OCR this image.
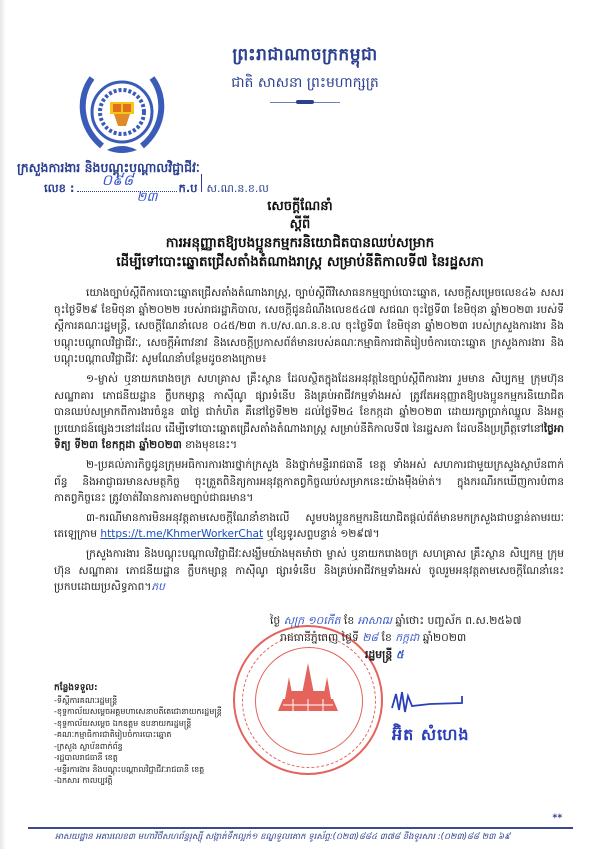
ព្រះរាជាណាចក្រកម្ពុជា
ជាតិ សាសនា ព្រះមហាក្សត្រ
ក្រសួងការងារ និងបណ្តុះបណ្តាលវិជ្ជាជីវៈ
លេខ : ០៩៨
២៣
ក.ប ស.ណ.ន.ខ.ល
សេចក្តីណែនាំ
ស្តីពី
ការអនុញ្ញាតឱ្យបងប្អូនកម្មករនិយោជិតបានឈប់សម្រាក
ដើម្បីទៅបោះឆ្នោតជ្រើសតាំងតំណាងរាស្ត្រ សម្រាប់នីតិកាលទី៧ នៃរដ្ឋសភា

យោងច្បាប់ស្តីពីការបោះឆ្នោតជ្រើសតាំងតំណាងរាស្ត្រ, ច្បាប់ស្តីពីវិសោធនកម្មច្បាប់បោះឆ្នោត, សេចក្តីសម្រេចលេខ៤៦ សសរ ចុះថ្ងៃទី២៩ ខែមិថុនា ឆ្នាំ២០២២ របស់រាជរដ្ឋាភិបាល, សេចក្តីជូនដំណឹងលេខ៥៤៧ សជណ ចុះថ្ងៃទី៣ ខែមិថុនា ឆ្នាំ២០២៣ របស់ទីស្តីការគណៈរដ្ឋមន្ត្រី, សេចក្តីណែនាំលេខ ០៤៥/២៣ ក.ប/ស.ណ.ន.ខ.ល ចុះថ្ងៃទី៣ ខែមិថុនា ឆ្នាំ២០២៣ របស់ក្រសួងការងារ និងបណ្តុះបណ្តាលវិជ្ជាជីវៈ, សេចក្តីអំពាវនាវ និងសេចក្តីប្រកាសព័ត៌មានរបស់គណៈកម្មាធិការជាតិរៀបចំការបោះឆ្នោត ក្រសួងការងារ និងបណ្តុះបណ្តាលវិជ្ជាជីវៈ សូមណែនាំបន្ថែមដូចខាងក្រោម៖

១-ម្ចាស់ ឬនាយករោងចក្រ សហគ្រាស គ្រឹះស្ថាន ដែលស្ថិតក្នុងដែនអនុវត្តនៃច្បាប់ស្តីពីការងារ រួមមាន សិប្បកម្ម ក្រុមហ៊ុន សណ្ឋាគារ ភោជនីយដ្ឋាន ក្លឹបកម្សាន្ត កាស៊ីណូ ផ្សារទំនើប និងគ្រប់អាជីវកម្មទាំងអស់ ត្រូវតែអនុញ្ញាតឱ្យបងប្អូនកម្មករនិយោជិត បានឈប់សម្រាកពីការងារចំនួន ៣ថ្ងៃ ជាកំហិត គឺនៅថ្ងៃទី២២ ដល់ថ្ងៃទី២៤ ខែកក្កដា ឆ្នាំ២០២៣ ដោយរក្សាប្រាក់ឈ្នួល និងអត្ថប្រយោជន៍ផ្សេងៗនៅដដែល ដើម្បីទៅបោះឆ្នោតជ្រើសតាំងតំណាងរាស្ត្រ សម្រាប់នីតិកាលទី៧ នៃរដ្ឋសភា ដែលនឹងប្រព្រឹត្តទៅនៅថ្ងៃអាទិត្យ ទី២៣ ខែកក្កដា ឆ្នាំ២០២៣ ខាងមុខនេះ។

២-ប្រគល់ភារកិច្ចជូនក្រុមអធិការការងារថ្នាក់ក្រសួង និងថ្នាក់មន្ទីររាជធានី ខេត្ត ទាំងអស់ សហការជាមួយក្រសួងស្ថាប័នពាក់ព័ន្ធ និងអាជ្ញាធរមានសមត្ថកិច្ច ចុះត្រួតពិនិត្យការអនុវត្តកាតព្វកិច្ចឈប់សម្រាកនេះយ៉ាងម៉ឺងម៉ាត់។ ក្នុងករណីរកឃើញការបំពានកាតព្វកិច្ចនេះ ត្រូវចាត់វិធានការតាមច្បាប់ជាធរមាន។

៣-ករណីមានការមិនអនុវត្តតាមសេចក្តីណែនាំខាងលើ សូមបងប្អូនកម្មករនិយោជិតផ្តល់ព័ត៌មានមកក្រសួងជាបន្ទាន់តាមរយៈតេឡេក្រាម https://t.me/KhmerWorkerChat ឬខ្សែទូរសព្ទបន្ទាន់ ១២៩៧។

ក្រសួងការងារ និងបណ្តុះបណ្តាលវិជ្ជាជីវៈសង្ឃឹមយ៉ាងមុតមាំថា ម្ចាស់ ឬនាយករោងចក្រ សហគ្រាស គ្រឹះស្ថាន សិប្បកម្ម ក្រុមហ៊ុន សណ្ឋាគារ ភោជនីយដ្ឋាន ក្លឹបកម្សាន្ត កាស៊ីណូ ផ្សារទំនើប និងគ្រប់អាជីវកម្មទាំងអស់ ចូលរួមអនុវត្តតាមសេចក្តីណែនាំនេះប្រកបដោយប្រសិទ្ធភាព។ភប

ថ្ងៃ សុក្រ ១០កើត ខែ អាសាឍ ឆ្នាំថោះ បញ្ចស័ក ព.ស.២៥៦៧
រាជធានីភ្នំពេញ ថ្ងៃទី ២៨ ខែ កក្កដា ឆ្នាំ២០២៣
រដ្ឋមន្ត្រី ៥
អ៊ិត សំហេង
កន្លែងទទួល:
-ទីស្តីការគណៈរដ្ឋមន្ត្រី
-ខុទ្ទកាល័យសម្តេចអគ្គមហាសេនាបតីតេជោនាយករដ្ឋមន្ត្រី
-ខុទ្ទកាល័យសម្តេច ឯកឧត្តម ឧបនាយករដ្ឋមន្ត្រី
-គណៈកម្មាធិការជាតិរៀបចំការបោះឆ្នោត
-ក្រសួង ស្ថាប័នពាក់ព័ន្ធ
-រដ្ឋបាលរាជធានី ខេត្ត
-មន្ទីរការងារ និងបណ្តុះបណ្តាលវិជ្ជាជីវៈរាជធានី ខេត្ត
-ឯកសារ កាលប្បវត្តិ
ᕯ
អាសយដ្ឋាន អគារលេខ៣ មហាវិថីសហព័ន្ធរុស្ស៊ី សង្កាត់ទឹកល្អក់១ ខណ្ឌទួលគោក ទូរស័ព្ទ:(០២៣)៨៨៤ ៣៧៨ និងទូរសារ :(០២៣)៨៨ ២៣ ៦៩
